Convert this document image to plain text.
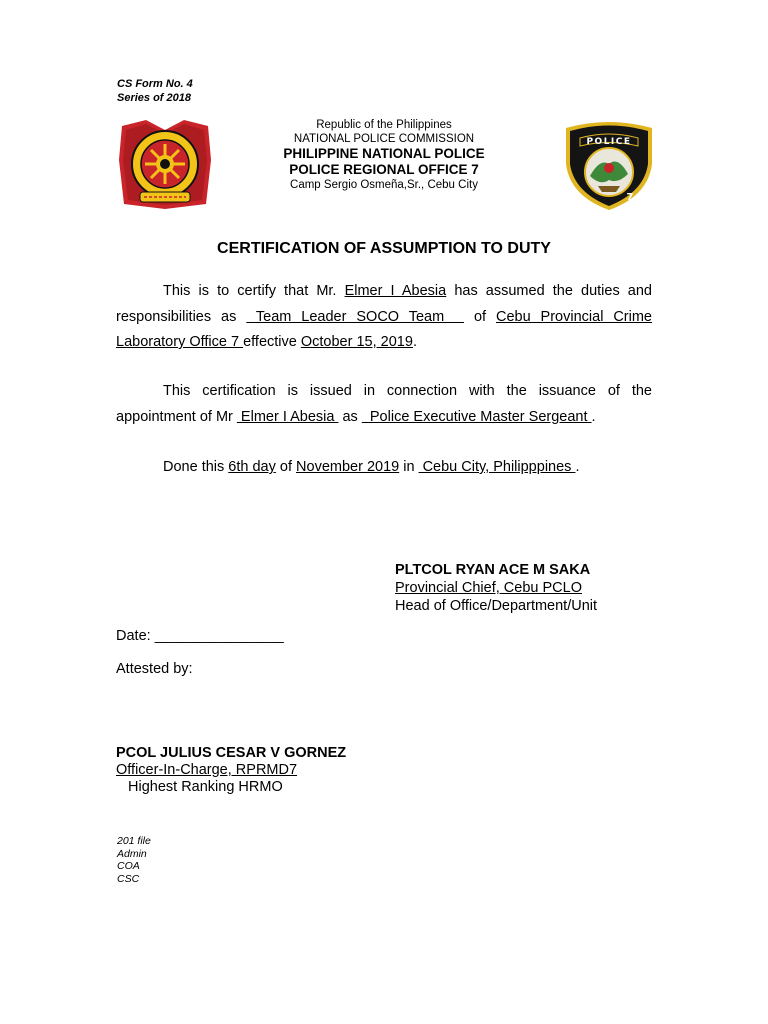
CS Form No. 4
Series of 2018
Republic of the Philippines
NATIONAL POLICE COMMISSION
PHILIPPINE NATIONAL POLICE
POLICE REGIONAL OFFICE 7
Camp Sergio Osmeña,Sr., Cebu City
POLICE
7
CERTIFICATION OF ASSUMPTION TO DUTY
This is to certify that Mr. Elmer I Abesia has assumed the duties and responsibilities as  Team Leader SOCO Team   of Cebu Provincial Crime Laboratory Office 7 effective October 15, 2019.
This certification is issued in connection with the issuance of the appointment of Mr  Elmer I Abesia  as   Police Executive Master Sergeant .
Done this 6th day of November 2019 in  Cebu City, Philipppines .
PLTCOL RYAN ACE M SAKA
Provincial Chief, Cebu PCLO
Head of Office/Department/Unit
Date: ________________
Attested by:
PCOL JULIUS CESAR V GORNEZ
Officer-In-Charge, RPRMD7
Highest Ranking HRMO
201 file
Admin
COA
CSC
